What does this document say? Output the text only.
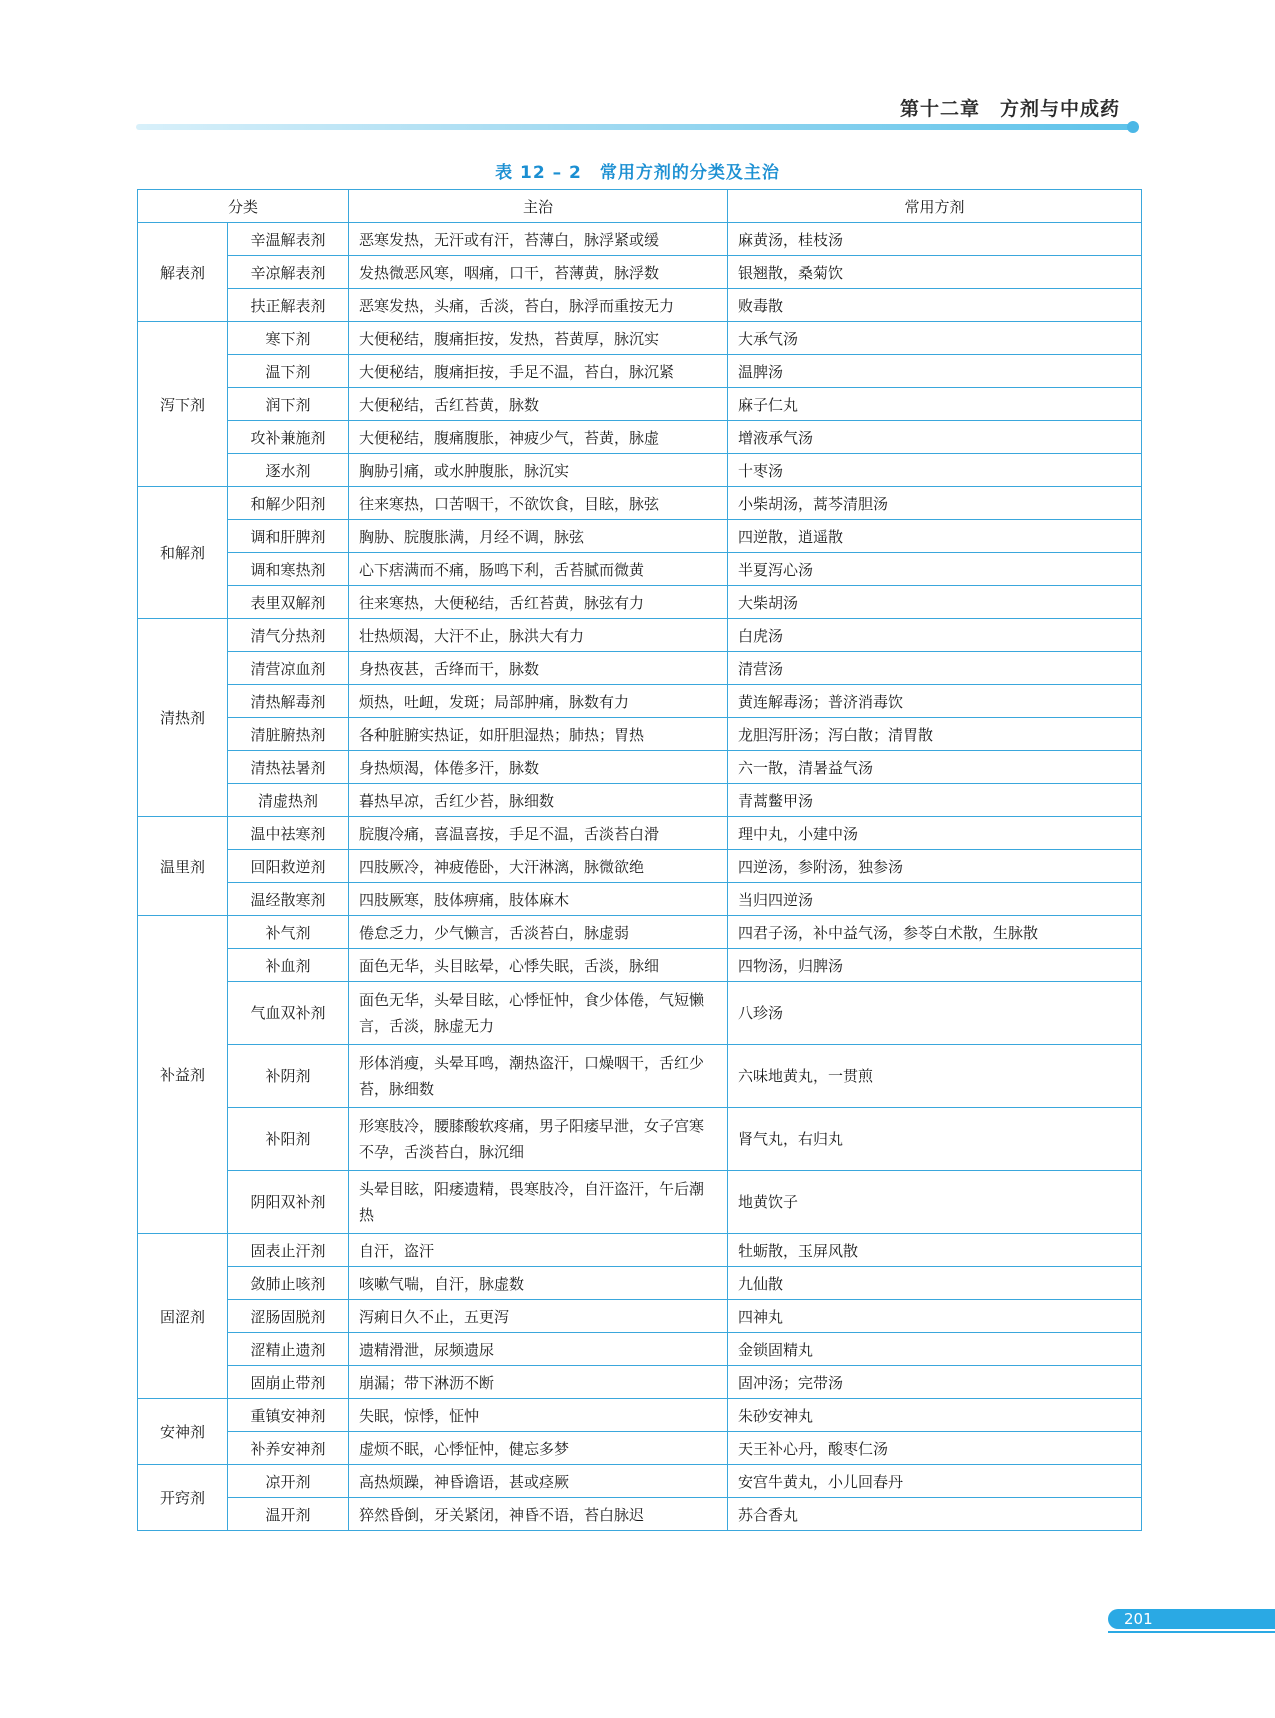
第十二章　方剂与中成药
表 12 – 2　常用方剂的分类及主治
分类		主治	常用方剂
解表剂	辛温解表剂	恶寒发热，无汗或有汗，苔薄白，脉浮紧或缓	麻黄汤，桂枝汤
	辛凉解表剂	发热微恶风寒，咽痛，口干，苔薄黄，脉浮数	银翘散，桑菊饮
	扶正解表剂	恶寒发热，头痛，舌淡，苔白，脉浮而重按无力	败毒散
泻下剂	寒下剂	大便秘结，腹痛拒按，发热，苔黄厚，脉沉实	大承气汤
	温下剂	大便秘结，腹痛拒按，手足不温，苔白，脉沉紧	温脾汤
	润下剂	大便秘结，舌红苔黄，脉数	麻子仁丸
	攻补兼施剂	大便秘结，腹痛腹胀，神疲少气，苔黄，脉虚	增液承气汤
	逐水剂	胸胁引痛，或水肿腹胀，脉沉实	十枣汤
和解剂	和解少阳剂	往来寒热，口苦咽干，不欲饮食，目眩，脉弦	小柴胡汤，蒿芩清胆汤
	调和肝脾剂	胸胁、脘腹胀满，月经不调，脉弦	四逆散，逍遥散
	调和寒热剂	心下痞满而不痛，肠鸣下利，舌苔腻而微黄	半夏泻心汤
	表里双解剂	往来寒热，大便秘结，舌红苔黄，脉弦有力	大柴胡汤
清热剂	清气分热剂	壮热烦渴，大汗不止，脉洪大有力	白虎汤
	清营凉血剂	身热夜甚，舌绛而干，脉数	清营汤
	清热解毒剂	烦热，吐衄，发斑；局部肿痛，脉数有力	黄连解毒汤；普济消毒饮
	清脏腑热剂	各种脏腑实热证，如肝胆湿热；肺热；胃热	龙胆泻肝汤；泻白散；清胃散
	清热祛暑剂	身热烦渴，体倦多汗，脉数	六一散，清暑益气汤
	清虚热剂	暮热早凉，舌红少苔，脉细数	青蒿鳖甲汤
温里剂	温中祛寒剂	脘腹冷痛，喜温喜按，手足不温，舌淡苔白滑	理中丸，小建中汤
	回阳救逆剂	四肢厥冷，神疲倦卧，大汗淋漓，脉微欲绝	四逆汤，参附汤，独参汤
	温经散寒剂	四肢厥寒，肢体痹痛，肢体麻木	当归四逆汤
补益剂	补气剂	倦怠乏力，少气懒言，舌淡苔白，脉虚弱	四君子汤，补中益气汤，参苓白术散，生脉散
	补血剂	面色无华，头目眩晕，心悸失眠，舌淡，脉细	四物汤，归脾汤
	气血双补剂	面色无华，头晕目眩，心悸怔忡，食少体倦，气短懒言，舌淡，脉虚无力	八珍汤
	补阴剂	形体消瘦，头晕耳鸣，潮热盗汗，口燥咽干，舌红少苔，脉细数	六味地黄丸，一贯煎
	补阳剂	形寒肢冷，腰膝酸软疼痛，男子阳痿早泄，女子宫寒不孕，舌淡苔白，脉沉细	肾气丸，右归丸
	阴阳双补剂	头晕目眩，阳痿遗精，畏寒肢冷，自汗盗汗，午后潮热	地黄饮子
固涩剂	固表止汗剂	自汗，盗汗	牡蛎散，玉屏风散
	敛肺止咳剂	咳嗽气喘，自汗，脉虚数	九仙散
	涩肠固脱剂	泻痢日久不止，五更泻	四神丸
	涩精止遗剂	遗精滑泄，尿频遗尿	金锁固精丸
	固崩止带剂	崩漏；带下淋沥不断	固冲汤；完带汤
安神剂	重镇安神剂	失眠，惊悸，怔忡	朱砂安神丸
	补养安神剂	虚烦不眠，心悸怔忡，健忘多梦	天王补心丹，酸枣仁汤
开窍剂	凉开剂	高热烦躁，神昏谵语，甚或痉厥	安宫牛黄丸，小儿回春丹
	温开剂	猝然昏倒，牙关紧闭，神昏不语，苔白脉迟	苏合香丸
201
